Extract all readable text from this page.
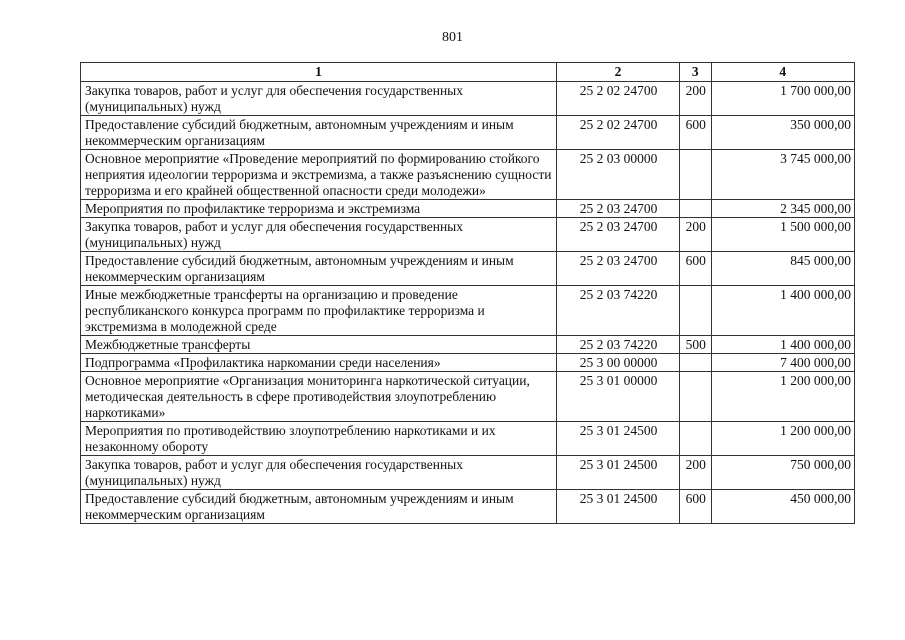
801
1	2	3	4
Закупка товаров, работ и услуг для обеспечения государственных (муниципальных) нужд	25 2 02 24700	200	1 700 000,00
Предоставление субсидий бюджетным, автономным учреждениям и иным некоммерческим организациям	25 2 02 24700	600	350 000,00
Основное мероприятие «Проведение мероприятий по формированию стойкого неприятия идеологии терроризма и экстремизма, а также разъяснению сущности терроризма и его крайней общественной опасности среди молодежи»	25 2 03 00000		3 745 000,00
Мероприятия по профилактике терроризма и экстремизма	25 2 03 24700		2 345 000,00
Закупка товаров, работ и услуг для обеспечения государственных (муниципальных) нужд	25 2 03 24700	200	1 500 000,00
Предоставление субсидий бюджетным, автономным учреждениям и иным некоммерческим организациям	25 2 03 24700	600	845 000,00
Иные межбюджетные трансферты на организацию и проведение республиканского конкурса программ по профилактике терроризма и экстремизма в молодежной среде	25 2 03 74220		1 400 000,00
Межбюджетные трансферты	25 2 03 74220	500	1 400 000,00
Подпрограмма «Профилактика наркомании среди населения»	25 3 00 00000		7 400 000,00
Основное мероприятие «Организация мониторинга наркотической ситуации, методическая деятельность в сфере противодействия злоупотреблению наркотиками»	25 3 01 00000		1 200 000,00
Мероприятия по противодействию злоупотреблению наркотиками и их незаконному обороту	25 3 01 24500		1 200 000,00
Закупка товаров, работ и услуг для обеспечения государственных (муниципальных) нужд	25 3 01 24500	200	750 000,00
Предоставление субсидий бюджетным, автономным учреждениям и иным некоммерческим организациям	25 3 01 24500	600	450 000,00
